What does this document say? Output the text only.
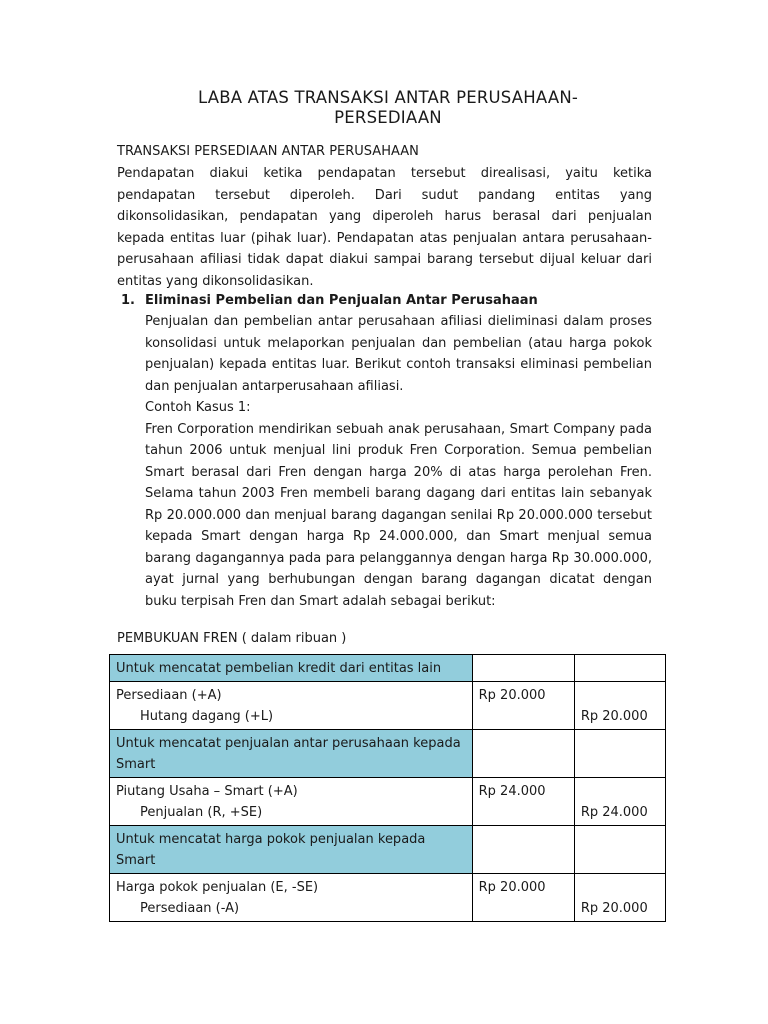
LABA ATAS TRANSAKSI ANTAR PERUSAHAAN-
PERSEDIAAN
TRANSAKSI PERSEDIAAN ANTAR PERUSAHAAN
Pendapatan diakui ketika pendapatan tersebut direalisasi, yaitu ketika pendapatan tersebut diperoleh. Dari sudut pandang entitas yang dikonsolidasikan, pendapatan yang diperoleh harus berasal dari penjualan kepada entitas luar (pihak luar). Pendapatan atas penjualan antara perusahaan-perusahaan afiliasi tidak dapat diakui sampai barang tersebut dijual keluar dari entitas yang dikonsolidasikan.
1. Eliminasi Pembelian dan Penjualan Antar Perusahaan

Penjualan dan pembelian antar perusahaan afiliasi dieliminasi dalam proses konsolidasi untuk melaporkan penjualan dan pembelian (atau harga pokok penjualan) kepada entitas luar. Berikut contoh transaksi eliminasi pembelian dan penjualan antarperusahaan afiliasi.

Contoh Kasus 1:

Fren Corporation mendirikan sebuah anak perusahaan, Smart Company pada tahun 2006 untuk menjual lini produk Fren Corporation. Semua pembelian Smart berasal dari Fren dengan harga 20% di atas harga perolehan Fren. Selama tahun 2003 Fren membeli barang dagang dari entitas lain sebanyak Rp 20.000.000 dan menjual barang dagangan senilai Rp 20.000.000 tersebut kepada Smart dengan harga Rp 24.000.000, dan Smart menjual semua barang dagangannya pada para pelanggannya dengan harga Rp 30.000.000, ayat jurnal yang berhubungan dengan barang dagangan dicatat dengan buku terpisah Fren dan Smart adalah sebagai berikut:

PEMBUKUAN FREN ( dalam ribuan )
Untuk mencatat pembelian kredit dari entitas lain		
Persediaan (+A)
Hutang dagang (+L)	Rp 20.000	Rp 20.000

Untuk mencatat penjualan antar perusahaan kepada Smart		
Piutang Usaha – Smart (+A)
Penjualan (R, +SE)	Rp 24.000	Rp 24.000

Untuk mencatat harga pokok penjualan kepada Smart		
Harga pokok penjualan (E, -SE)
Persediaan (-A)	Rp 20.000	Rp 20.000
